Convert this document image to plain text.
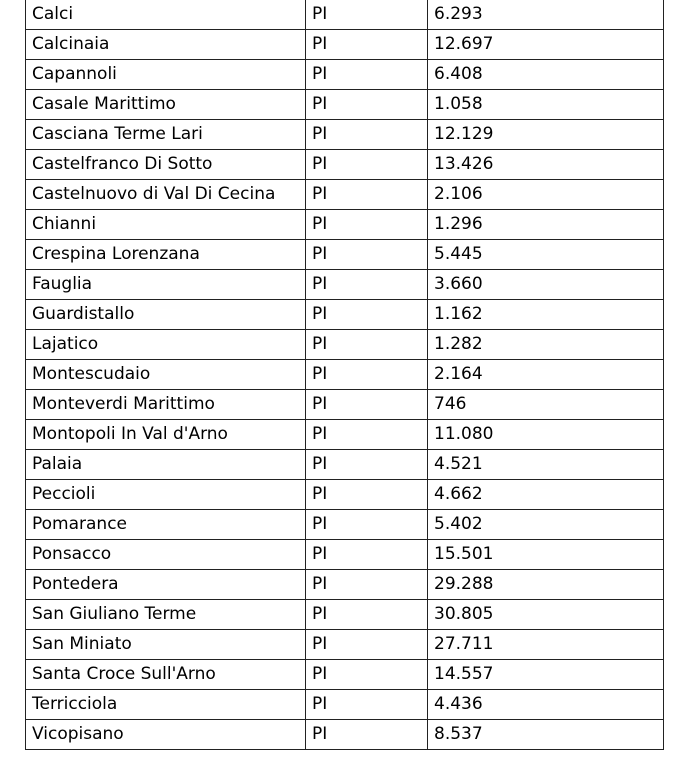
Calci	PI	6.293
Calcinaia	PI	12.697
Capannoli	PI	6.408
Casale Marittimo	PI	1.058
Casciana Terme Lari	PI	12.129
Castelfranco Di Sotto	PI	13.426
Castelnuovo di Val Di Cecina	PI	2.106
Chianni	PI	1.296
Crespina Lorenzana	PI	5.445
Fauglia	PI	3.660
Guardistallo	PI	1.162
Lajatico	PI	1.282
Montescudaio	PI	2.164
Monteverdi Marittimo	PI	746
Montopoli In Val d'Arno	PI	11.080
Palaia	PI	4.521
Peccioli	PI	4.662
Pomarance	PI	5.402
Ponsacco	PI	15.501
Pontedera	PI	29.288
San Giuliano Terme	PI	30.805
San Miniato	PI	27.711
Santa Croce Sull'Arno	PI	14.557
Terricciola	PI	4.436
Vicopisano	PI	8.537
